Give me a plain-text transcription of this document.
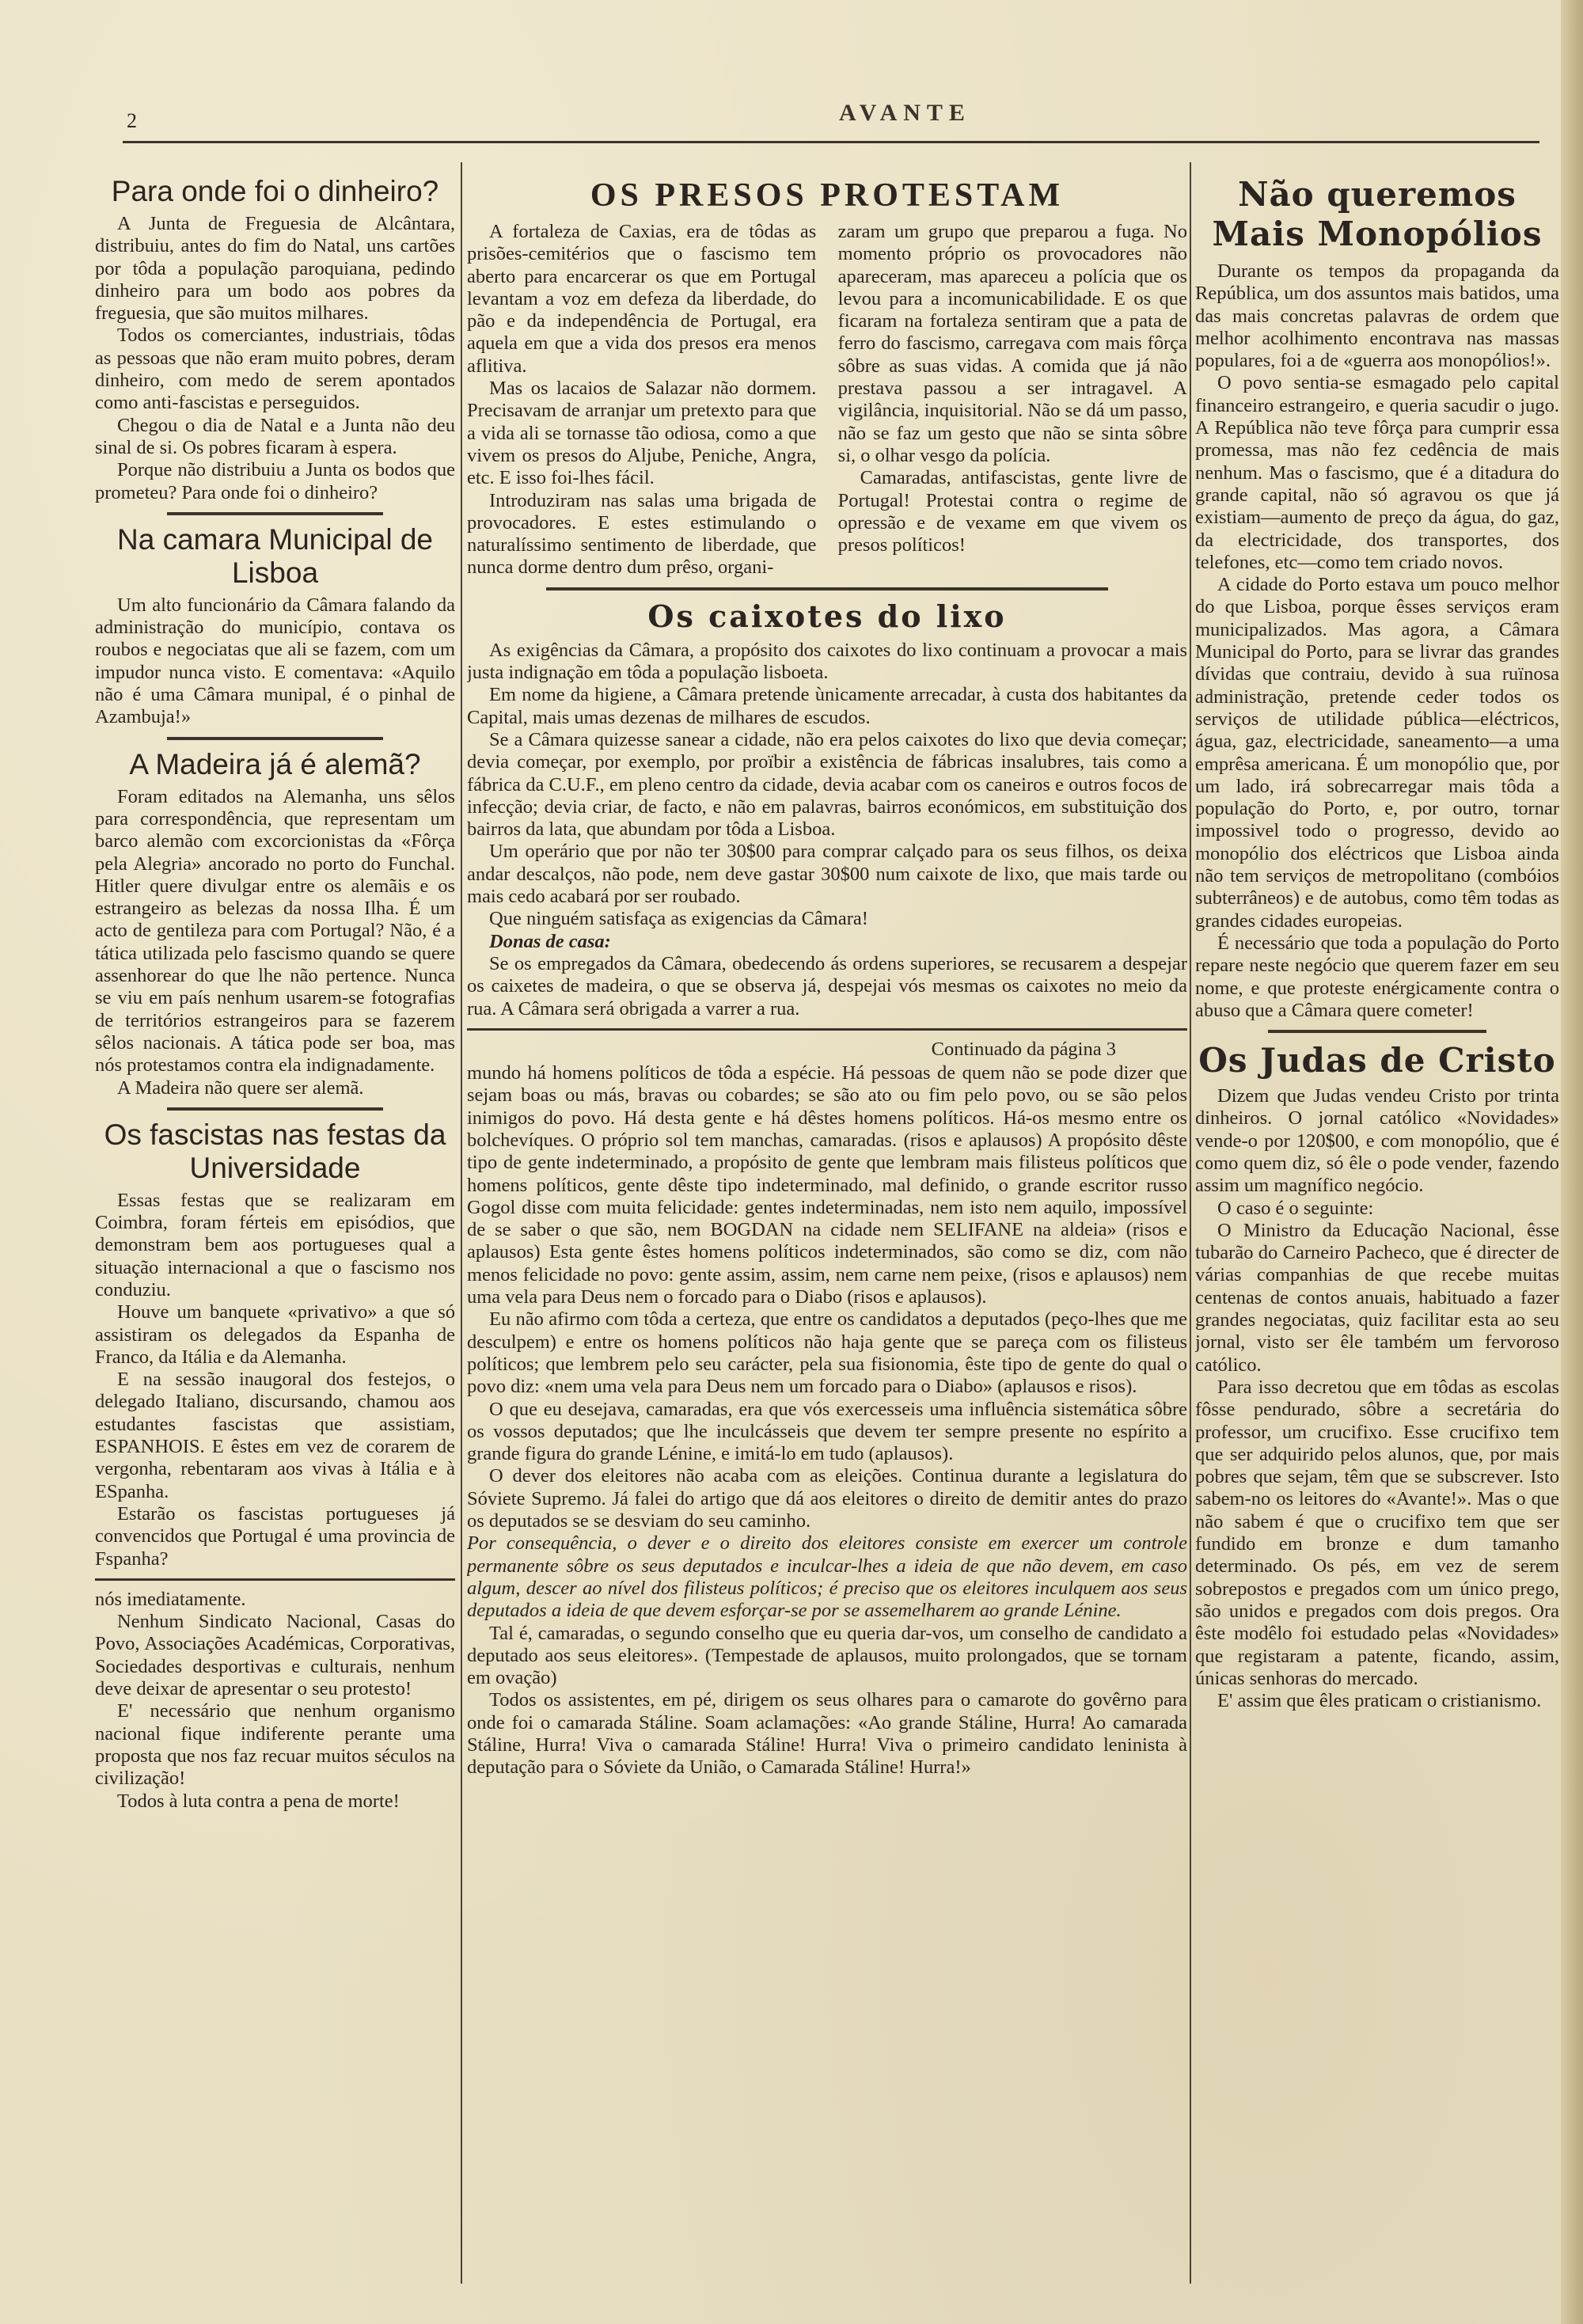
2	AVANTE
Para onde foi o dinheiro?

A Junta de Freguesia de Alcântara, distribuiu, antes do fim do Natal, uns cartões por tôda a população paroquiana, pedindo dinheiro para um bodo aos pobres da freguesia, que são muitos milhares.

Todos os comerciantes, industriais, tôdas as pessoas que não eram muito pobres, deram dinheiro, com medo de serem apontados como anti-fascistas e perseguidos.

Chegou o dia de Natal e a Junta não deu sinal de si. Os pobres ficaram à espera.

Porque não distribuiu a Junta os bodos que prometeu? Para onde foi o dinheiro?

Na camara Municipal de Lisboa

Um alto funcionário da Câmara falando da administração do município, contava os roubos e negociatas que ali se fazem, com um impudor nunca visto. E comentava: «Aquilo não é uma Câmara munipal, é o pinhal de Azambuja!»

A Madeira já é alemã?

Foram editados na Alemanha, uns sêlos para correspondência, que representam um barco alemão com excorcionistas da «Fôrça pela Alegria» ancorado no porto do Funchal. Hitler quere divulgar entre os alemãis e os estrangeiro as belezas da nossa Ilha. É um acto de gentileza para com Portugal? Não, é a tática utilizada pelo fascismo quando se quere assenhorear do que lhe não pertence. Nunca se viu em país nenhum usarem-se fotografias de territórios estrangeiros para se fazerem sêlos nacionais. A tática pode ser boa, mas nós protestamos contra ela indignadamente.

A Madeira não quere ser alemã.

Os fascistas nas festas da Universidade

Essas festas que se realizaram em Coimbra, foram férteis em episódios, que demonstram bem aos portugueses qual a situação internacional a que o fascismo nos conduziu.

Houve um banquete «privativo» a que só assistiram os delegados da Espanha de Franco, da Itália e da Alemanha.

E na sessão inaugoral dos festejos, o delegado Italiano, discursando, chamou aos estudantes fascistas que assistiam, ESPANHOIS. E êstes em vez de corarem de vergonha, rebentaram aos vivas à Itália e à ESpanha.

Estarão os fascistas portugueses já convencidos que Portugal é uma provincia de Fspanha?

nós imediatamente.

Nenhum Sindicato Nacional, Casas do Povo, Associações Académicas, Corporativas, Sociedades desportivas e culturais, nenhum deve deixar de apresentar o seu protesto!

E' necessário que nenhum organismo nacional fique indiferente perante uma proposta que nos faz recuar muitos séculos na civilização!

Todos à luta contra a pena de morte!

OS PRESOS PROTESTAM

A fortaleza de Caxias, era de tôdas as prisões-cemitérios que o fascismo tem aberto para encarcerar os que em Portugal levantam a voz em defeza da liberdade, do pão e da independência de Portugal, era aquela em que a vida dos presos era menos aflitiva.

Mas os lacaios de Salazar não dormem. Precisavam de arranjar um pretexto para que a vida ali se tornasse tão odiosa, como a que vivem os presos do Aljube, Peniche, Angra, etc. E isso foi-lhes fácil.

Introduziram nas salas uma brigada de provocadores. E estes estimulando o naturalíssimo sentimento de liberdade, que nunca dorme dentro dum prêso, organi-

zaram um grupo que preparou a fuga. No momento próprio os provocadores não apareceram, mas apareceu a polícia que os levou para a incomunicabilidade. E os que ficaram na fortaleza sentiram que a pata de ferro do fascismo, carregava com mais fôrça sôbre as suas vidas. A comida que já não prestava passou a ser intragavel. A vigilância, inquisitorial. Não se dá um passo, não se faz um gesto que não se sinta sôbre si, o olhar vesgo da polícia.

Camaradas, antifascistas, gente livre de Portugal! Protestai contra o regime de opressão e de vexame em que vivem os presos políticos!

Os caixotes do lixo

As exigências da Câmara, a propósito dos caixotes do lixo continuam a provocar a mais justa indignação em tôda a população lisboeta.

Em nome da higiene, a Câmara pretende ùnicamente arrecadar, à custa dos habitantes da Capital, mais umas dezenas de milhares de escudos.

Se a Câmara quizesse sanear a cidade, não era pelos caixotes do lixo que devia começar; devia começar, por exemplo, por proïbir a existência de fábricas insalubres, tais como a fábrica da C.U.F., em pleno centro da cidade, devia acabar com os caneiros e outros focos de infecção; devia criar, de facto, e não em palavras, bairros económicos, em substituição dos bairros da lata, que abundam por tôda a Lisboa.

Um operário que por não ter 30$00 para comprar calçado para os seus filhos, os deixa andar descalços, não pode, nem deve gastar 30$00 num caixote de lixo, que mais tarde ou mais cedo acabará por ser roubado.

Que ninguém satisfaça as exigencias da Câmara!

Donas de casa:

Se os empregados da Câmara, obedecendo ás ordens superiores, se recusarem a despejar os caixetes de madeira, o que se observa já, despejai vós mesmas os caixotes no meio da rua. A Câmara será obrigada a varrer a rua.

Continuado da página 3

mundo há homens políticos de tôda a espécie. Há pessoas de quem não se pode dizer que sejam boas ou más, bravas ou cobardes; se são ato ou fim pelo povo, ou se são pelos inimigos do povo. Há desta gente e há dêstes homens políticos. Há-os mesmo entre os bolchevíques. O próprio sol tem manchas, camaradas. (risos e aplausos) A propósito dêste tipo de gente indeterminado, a propósito de gente que lembram mais filisteus políticos que homens políticos, gente dêste tipo indeterminado, mal definido, o grande escritor russo Gogol disse com muita felicidade: gentes indeterminadas, nem isto nem aquilo, impossível de se saber o que são, nem BOGDAN na cidade nem SELIFANE na aldeia» (risos e aplausos) Esta gente êstes homens políticos indeterminados, são como se diz, com não menos felicidade no povo: gente assim, assim, nem carne nem peixe, (risos e aplausos) nem uma vela para Deus nem o forcado para o Diabo (risos e aplausos).

Eu não afirmo com tôda a certeza, que entre os candidatos a deputados (peço-lhes que me desculpem) e entre os homens políticos não haja gente que se pareça com os filisteus políticos; que lembrem pelo seu carácter, pela sua fisionomia, êste tipo de gente do qual o povo diz: «nem uma vela para Deus nem um forcado para o Diabo» (aplausos e risos).

O que eu desejava, camaradas, era que vós exercesseis uma influência sistemática sôbre os vossos deputados; que lhe inculcásseis que devem ter sempre presente no espírito a grande figura do grande Lénine, e imitá-lo em tudo (aplausos).

O dever dos eleitores não acaba com as eleições. Continua durante a legislatura do Sóviete Supremo. Já falei do artigo que dá aos eleitores o direito de demitir antes do prazo os deputados se se desviam do seu caminho.

Por consequência, o dever e o direito dos eleitores consiste em exercer um controle permanente sôbre os seus deputados e inculcar-lhes a ideia de que não devem, em caso algum, descer ao nível dos filisteus políticos; é preciso que os eleitores inculquem aos seus deputados a ideia de que devem esforçar-se por se assemelharem ao grande Lénine.

Tal é, camaradas, o segundo conselho que eu queria dar-vos, um conselho de candidato a deputado aos seus eleitores». (Tempestade de aplausos, muito prolongados, que se tornam em ovação)

Todos os assistentes, em pé, dirigem os seus olhares para o camarote do govêrno para onde foi o camarada Stáline. Soam aclamações: «Ao grande Stáline, Hurra! Ao camarada Stáline, Hurra! Viva o camarada Stáline! Hurra! Viva o primeiro candidato leninista à deputação para o Sóviete da União, o Camarada Stáline! Hurra!»

Não queremos
Mais Monopólios

Durante os tempos da propaganda da República, um dos assuntos mais batidos, uma das mais concretas palavras de ordem que melhor acolhimento encontrava nas massas populares, foi a de «guerra aos monopólios!».

O povo sentia-se esmagado pelo capital financeiro estrangeiro, e queria sacudir o jugo. A República não teve fôrça para cumprir essa promessa, mas não fez cedência de mais nenhum. Mas o fascismo, que é a ditadura do grande capital, não só agravou os que já existiam—aumento de preço da água, do gaz, da electricidade, dos transportes, dos telefones, etc—como tem criado novos.

A cidade do Porto estava um pouco melhor do que Lisboa, porque êsses serviços eram municipalizados. Mas agora, a Câmara Municipal do Porto, para se livrar das grandes dívidas que contraiu, devido à sua ruïnosa administração, pretende ceder todos os serviços de utilidade pública—eléctricos, água, gaz, electricidade, saneamento—a uma emprêsa americana. É um monopólio que, por um lado, irá sobrecarregar mais tôda a população do Porto, e, por outro, tornar impossivel todo o progresso, devido ao monopólio dos eléctricos que Lisboa ainda não tem serviços de metropolitano (combóios subterrâneos) e de autobus, como têm todas as grandes cidades europeias.

É necessário que toda a população do Porto repare neste negócio que querem fazer em seu nome, e que proteste enérgicamente contra o abuso que a Câmara quere cometer!

Os Judas de Cristo

Dizem que Judas vendeu Cristo por trinta dinheiros. O jornal católico «Novidades» vende-o por 120$00, e com monopólio, que é como quem diz, só êle o pode vender, fazendo assim um magnífico negócio.

O caso é o seguinte:

O Ministro da Educação Nacional, êsse tubarão do Carneiro Pacheco, que é directer de várias companhias de que recebe muitas centenas de contos anuais, habituado a fazer grandes negociatas, quiz facilitar esta ao seu jornal, visto ser êle também um fervoroso católico.

Para isso decretou que em tôdas as escolas fôsse pendurado, sôbre a secretária do professor, um crucifixo. Esse crucifixo tem que ser adquirido pelos alunos, que, por mais pobres que sejam, têm que se subscrever. Isto sabem-no os leitores do «Avante!». Mas o que não sabem é que o crucifixo tem que ser fundido em bronze e dum tamanho determinado. Os pés, em vez de serem sobrepostos e pregados com um único prego, são unidos e pregados com dois pregos. Ora êste modêlo foi estudado pelas «Novidades» que registaram a patente, ficando, assim, únicas senhoras do mercado.

E' assim que êles praticam o cristianismo.
